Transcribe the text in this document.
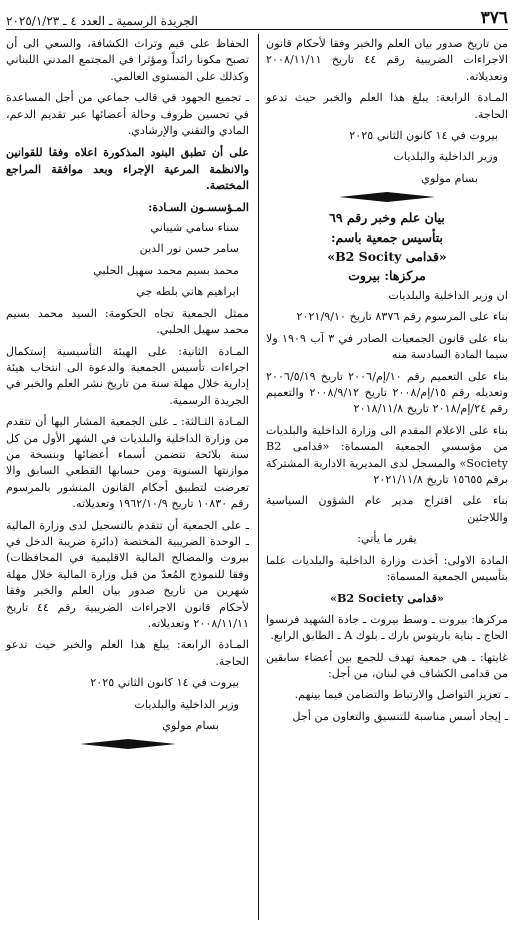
٣٧٦
الجريدة الرسمية ـ العدد ٤ ـ ٢٠٢٥/١/٢٣

من تاريخ صدور بيان العلم والخبر وفقا لأحكام قانون الاجراءات الضريبية رقم ٤٤ تاريخ ٢٠٠٨/١١/١١ وتعديلاته.

المـادة الرابعة: يبلغ هذا العلم والخبر حيث تدعو الحاجة.

بيروت في ١٤ كانون الثاني ٢٠٢٥

وزير الداخلية والبلديات

بسام مولوي

بيان علم وخبر رقم ٦٩

بتأسيس جمعية باسم:

«قدامى B2 Socity»

مركزها: بيروت

ان وزير الداخلية والبلديات

بناء على المرسوم رقم ٨٣٧٦ تاريخ ٢٠٢١/٩/١٠

بناء على قانون الجمعيات الصادر في ٣ آب ١٩٠٩ ولا سيما المادة السادسة منه

بناء على التعميم رقم ١٠/إم/٢٠٠٦ تاريخ ٢٠٠٦/٥/١٩ وتعديله رقم ١٥/إم/٢٠٠٨ تاريخ ٢٠٠٨/٩/١٢ والتعميم رقم ٢٤/إم/٢٠١٨ تاريخ ٢٠١٨/١١/٨

بناء على الاعلام المقدم الى وزارة الداخلية والبلديات من مؤسسي الجمعية المسماة: «قدامى B2 Society» والمسجل لدى المديرية الادارية المشتركة برقم ١٥٦٥٥ تاريخ ٢٠٢١/١١/٨

بناء على اقتراح مدير عام الشؤون السياسية واللاجئين

يقرر ما يأتي:

المادة الاولى: أخذت وزارة الداخلية والبلديات علما بتأسيس الجمعية المسماة:

«قدامى B2 Society»

مركزها: بيروت ـ وسط بيروت ـ جادة الشهيد فرنسوا الحاج ـ بناية باريتوس بارك ـ بلوك A ـ الطابق الرابع.

غايتها: ـ هي جمعية تهدف للجمع بين أعضاء سابقين من قدامى الكشاف في لبنان، من أجل:

ـ تعزيز التواصل والارتباط والتضامن فيما بينهم.

ـ إيجاد أسس مناسبة للتنسيق والتعاون من أجل

الحفاظ على قيم وتراث الكشافة، والسعي الى أن تصبح مكونا رائداً ومؤثرا في المجتمع المدني اللبناني وكذلك على المستوى العالمي.

ـ تجميع الجهود في قالب جماعي من أجل المساعدة في تحسين ظروف وحالة أعضائها عبر تقديم الدعم، المادي والتقني والإرشادي.

على أن تطبق البنود المذكورة اعلاه وفقا للقوانين والانظمة المرعية الإجراء وبعد موافقة المراجع المختصة.

المـؤسسـون السـادة:

سناء سامي شيباني

سامر حسن نور الدين

محمد بسيم محمد سهيل الحلبي

ابراهيم هاني بلطه جي

ممثل الجمعية تجاه الحكومة: السيد محمد بسيم محمد سهيل الحلبي.

المـادة الثانية: على الهيئة التأسيسية إستكمال اجراءات تأسيس الجمعية والدعوة الى انتخاب هيئة إدارية خلال مهلة سنة من تاريخ نشر العلم والخبر في الجريدة الرسمية.

المـادة الثـالثة: ـ على الجمعية المشار اليها أن تتقدم من وزارة الداخلية والبلديات في الشهر الأول من كل سنة بلائحة تتضمن أسماء أعضائها وبنسخة من موازنتها السنوية ومن حسابها القطعي السابق والا تعرضت لتطبيق أحكام القانون المنشور بالمرسوم رقم ١٠٨٣٠ تاريخ ١٩٦٢/١٠/٩ وتعديلاته.

ـ على الجمعية أن تتقدم بالتسجيل لدى وزارة المالية ـ الوحدة الضريبية المختصة (دائرة ضريبة الدخل في بيروت والمصالح المالية الاقليمية في المحافظات) وفقا للنموذج المُعدّ من قبل وزارة المالية خلال مهلة شهرين من تاريخ صدور بيان العلم والخبر وفقا لأحكام قانون الاجراءات الضريبية رقم ٤٤ تاريخ ٢٠٠٨/١١/١١ وتعديلاته.

المـادة الرابعة: يبلغ هذا العلم والخبر حيث تدعو الحاجة.

بيروت في ١٤ كانون الثاني ٢٠٢٥

وزير الداخلية والبلديات

بسام مولوي
